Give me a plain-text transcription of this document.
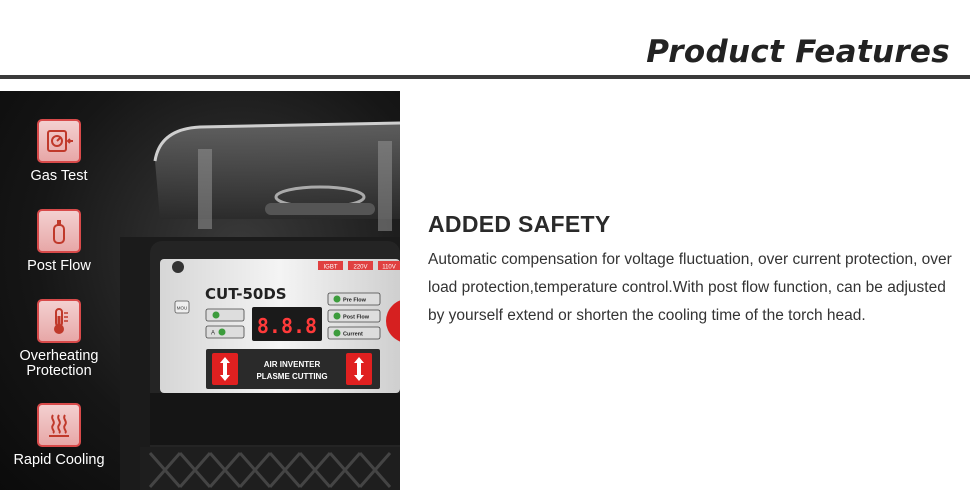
Product Features
Gas Test
Post Flow
Overheating Protection
Rapid Cooling
IGBT	220V 110V
CUT-50DS
MOU
A 8.8.8
Pre Flow
Post Flow
Current
AIR INVENTER
PLASME CUTTING
ADDED SAFETY
Automatic compensation for voltage fluctuation, over current protection, over load protection,temperature control.With post flow function, can be adjusted by yourself extend or shorten the cooling time of the torch head.
